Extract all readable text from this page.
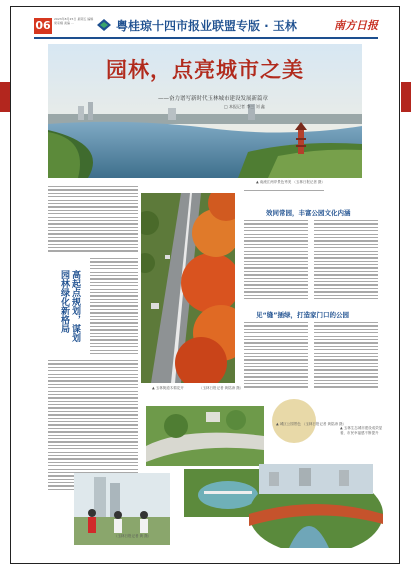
06	2023年8月25日 星期五 编辑 梁家耀 美编 ...	粤桂琼十四市报业联盟专版 · 玉林	南方日报
园林，点亮城市之美
——奋力谱写新时代玉林城市建设发展新篇章
□ 本报记者 李三 刘 鑫
▲ 南流江两岸景色秀美 （玉林日报记者 摄）
高起点规划，谋划园林绿化新格局
▲ 玉林街道木棉花开	（玉林日报记者 黄铭涛 摄）
效同常园，丰富公园文化内涵
见“缝”插绿，打造家门口的公园
▲ 城区公园景色 （玉林日报记者 黄铭涛 摄）
▲ 玉林生态城市建设成效显著，市民幸福感不断提升
（玉林日报记者 黄 摄）
